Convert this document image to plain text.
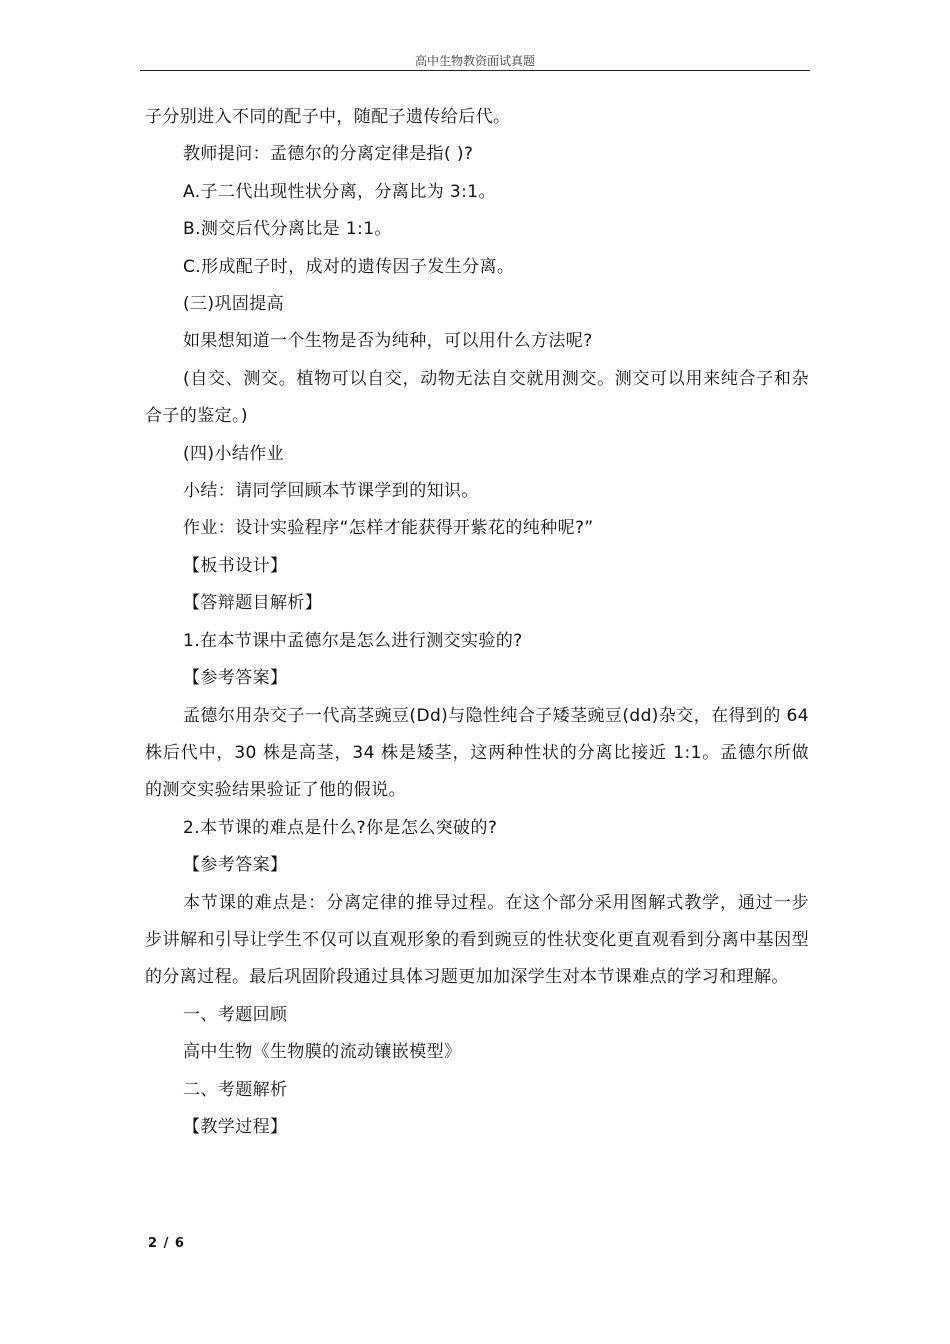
高中生物教资面试真题

子分别进入不同的配子中，随配子遗传给后代。

教师提问：孟德尔的分离定律是指( )?

A.子二代出现性状分离，分离比为 3:1。

B.测交后代分离比是 1:1。

C.形成配子时，成对的遗传因子发生分离。

(三)巩固提高

如果想知道一个生物是否为纯种，可以用什么方法呢?

(自交、测交。植物可以自交，动物无法自交就用测交。测交可以用来纯合子和杂合子的鉴定。)

(四)小结作业

小结：请同学回顾本节课学到的知识。

作业：设计实验程序“怎样才能获得开紫花的纯种呢?”

【板书设计】

【答辩题目解析】

1.在本节课中孟德尔是怎么进行测交实验的?

【参考答案】

孟德尔用杂交子一代高茎豌豆(Dd)与隐性纯合子矮茎豌豆(dd)杂交，在得到的 64 株后代中，30 株是高茎，34 株是矮茎，这两种性状的分离比接近 1:1。孟德尔所做的测交实验结果验证了他的假说。

2.本节课的难点是什么?你是怎么突破的?

【参考答案】

本节课的难点是：分离定律的推导过程。在这个部分采用图解式教学，通过一步步讲解和引导让学生不仅可以直观形象的看到豌豆的性状变化更直观看到分离中基因型的分离过程。最后巩固阶段通过具体习题更加加深学生对本节课难点的学习和理解。

一、考题回顾

高中生物《生物膜的流动镶嵌模型》

二、考题解析

【教学过程】

2 / 6
